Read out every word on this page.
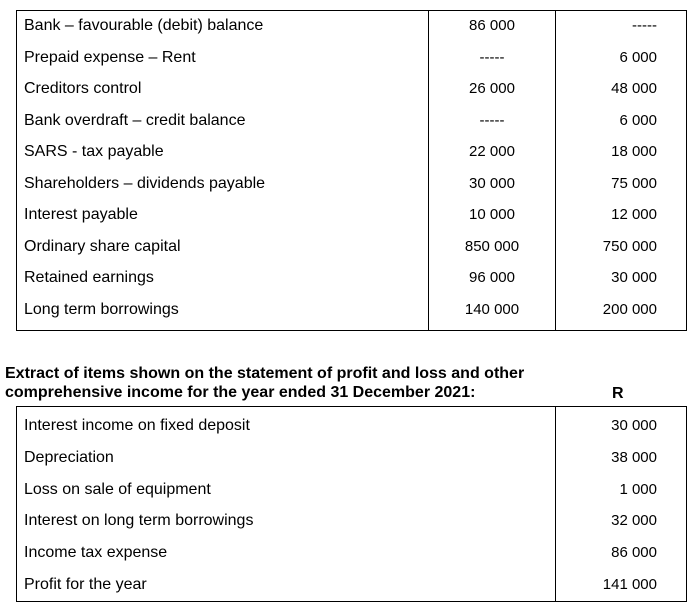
Bank – favourable (debit) balance	86 000	-----
Prepaid expense – Rent	-----	6 000
Creditors control	26 000	48 000
Bank overdraft – credit balance	-----	6 000
SARS - tax payable	22 000	18 000
Shareholders – dividends payable	30 000	75 000
Interest payable	10 000	12 000
Ordinary share capital	850 000	750 000
Retained earnings	96 000	30 000
Long term borrowings	140 000	200 000
Extract of items shown on the statement of profit and loss and other
comprehensive income for the year ended 31 December 2021:	R
Interest income on fixed deposit	30 000
Depreciation	38 000
Loss on sale of equipment	1 000
Interest on long term borrowings	32 000
Income tax expense	86 000
Profit for the year	141 000
